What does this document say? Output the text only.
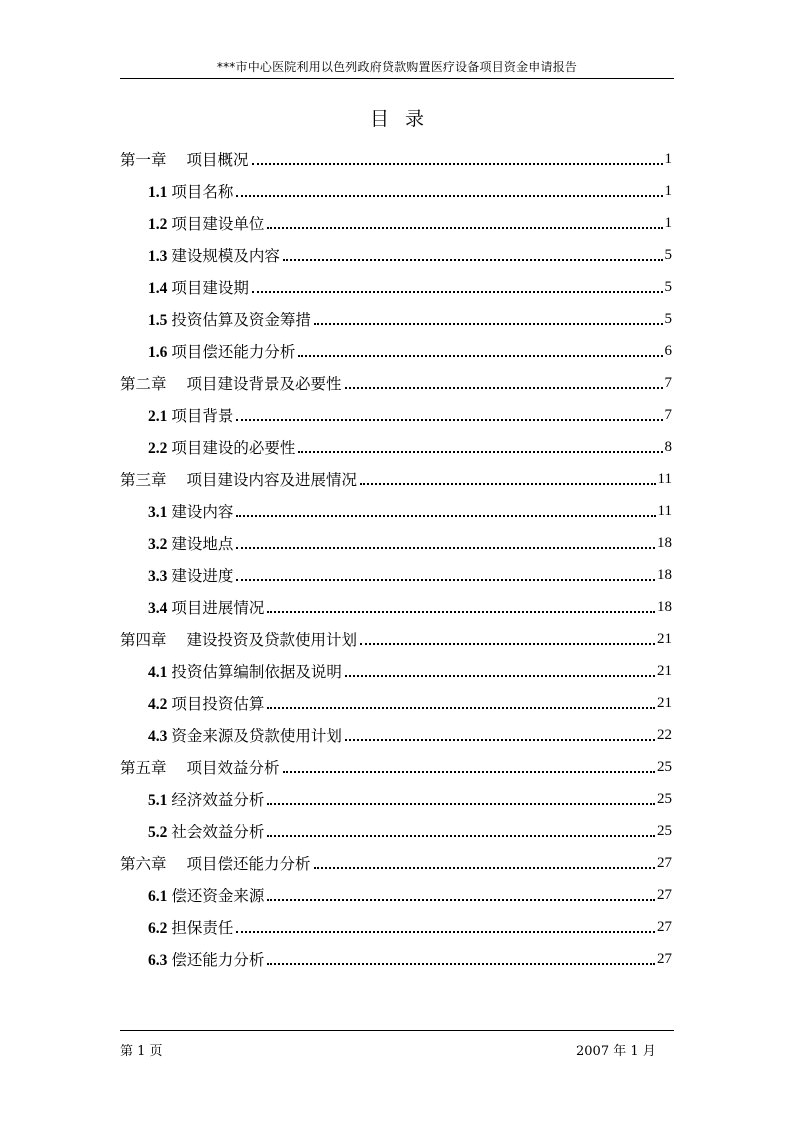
***市中心医院利用以色列政府贷款购置医疗设备项目资金申请报告
目录
第一章 项目概况	1
1.1 项目名称	1
1.2 项目建设单位	1
1.3 建设规模及内容	5
1.4 项目建设期	5
1.5 投资估算及资金筹措	5
1.6 项目偿还能力分析	6
第二章 项目建设背景及必要性	7
2.1 项目背景	7
2.2 项目建设的必要性	8
第三章 项目建设内容及进展情况	11
3.1 建设内容	11
3.2 建设地点	18
3.3 建设进度	18
3.4 项目进展情况	18
第四章 建设投资及贷款使用计划	21
4.1 投资估算编制依据及说明	21
4.2 项目投资估算	21
4.3 资金来源及贷款使用计划	22
第五章 项目效益分析	25
5.1 经济效益分析	25
5.2 社会效益分析	25
第六章 项目偿还能力分析	27
6.1 偿还资金来源	27
6.2 担保责任	27
6.3 偿还能力分析	27
第 1 页	2007 年 1 月
